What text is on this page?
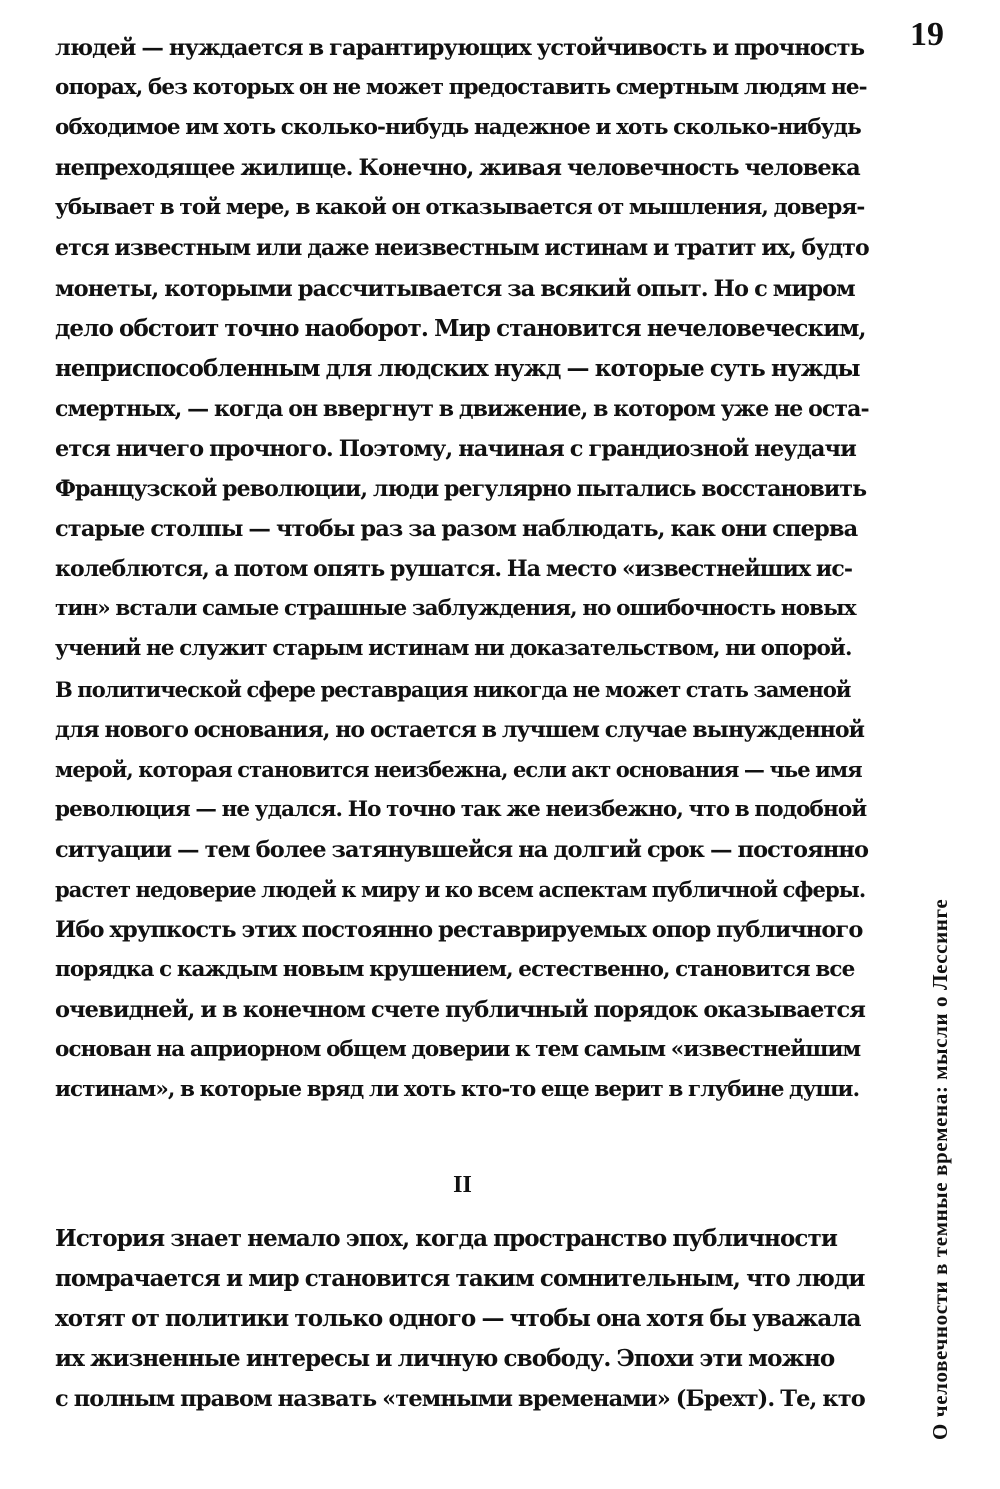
19
людей — нуждается в гарантирующих устойчивость и прочность
опорах, без которых он не может предоставить смертным людям не-
обходимое им хоть сколько-нибудь надежное и хоть сколько-нибудь
непреходящее жилище. Конечно, живая человечность человека
убывает в той мере, в какой он отказывается от мышления, доверя-
ется известным или даже неизвестным истинам и тратит их, будто
монеты, которыми рассчитывается за всякий опыт. Но с миром
дело обстоит точно наоборот. Мир становится нечеловеческим,
неприспособленным для людских нужд — которые суть нужды
смертных, — когда он ввергнут в движение, в котором уже не оста-
ется ничего прочного. Поэтому, начиная с грандиозной неудачи
Французской революции, люди регулярно пытались восстановить
старые столпы — чтобы раз за разом наблюдать, как они сперва
колеблются, а потом опять рушатся. На место «известнейших ис-
тин» встали самые страшные заблуждения, но ошибочность новых
учений не служит старым истинам ни доказательством, ни опорой.
В политической сфере реставрация никогда не может стать заменой
для нового основания, но остается в лучшем случае вынужденной
мерой, которая становится неизбежна, если акт основания — чье имя
революция — не удался. Но точно так же неизбежно, что в подобной
ситуации — тем более затянувшейся на долгий срок — постоянно
растет недоверие людей к миру и ко всем аспектам публичной сферы.
Ибо хрупкость этих постоянно реставрируемых опор публичного
порядка с каждым новым крушением, естественно, становится все
очевидней, и в конечном счете публичный порядок оказывается
основан на априорном общем доверии к тем самым «известнейшим
истинам», в которые вряд ли хоть кто-то еще верит в глубине души.
II
История знает немало эпох, когда пространство публичности
помрачается и мир становится таким сомнительным, что люди
хотят от политики только одного — чтобы она хотя бы уважала
их жизненные интересы и личную свободу. Эпохи эти можно
с полным правом назвать «темными временами» (Брехт). Те, кто	О человечности в темные времена: мысли о Лессинге
